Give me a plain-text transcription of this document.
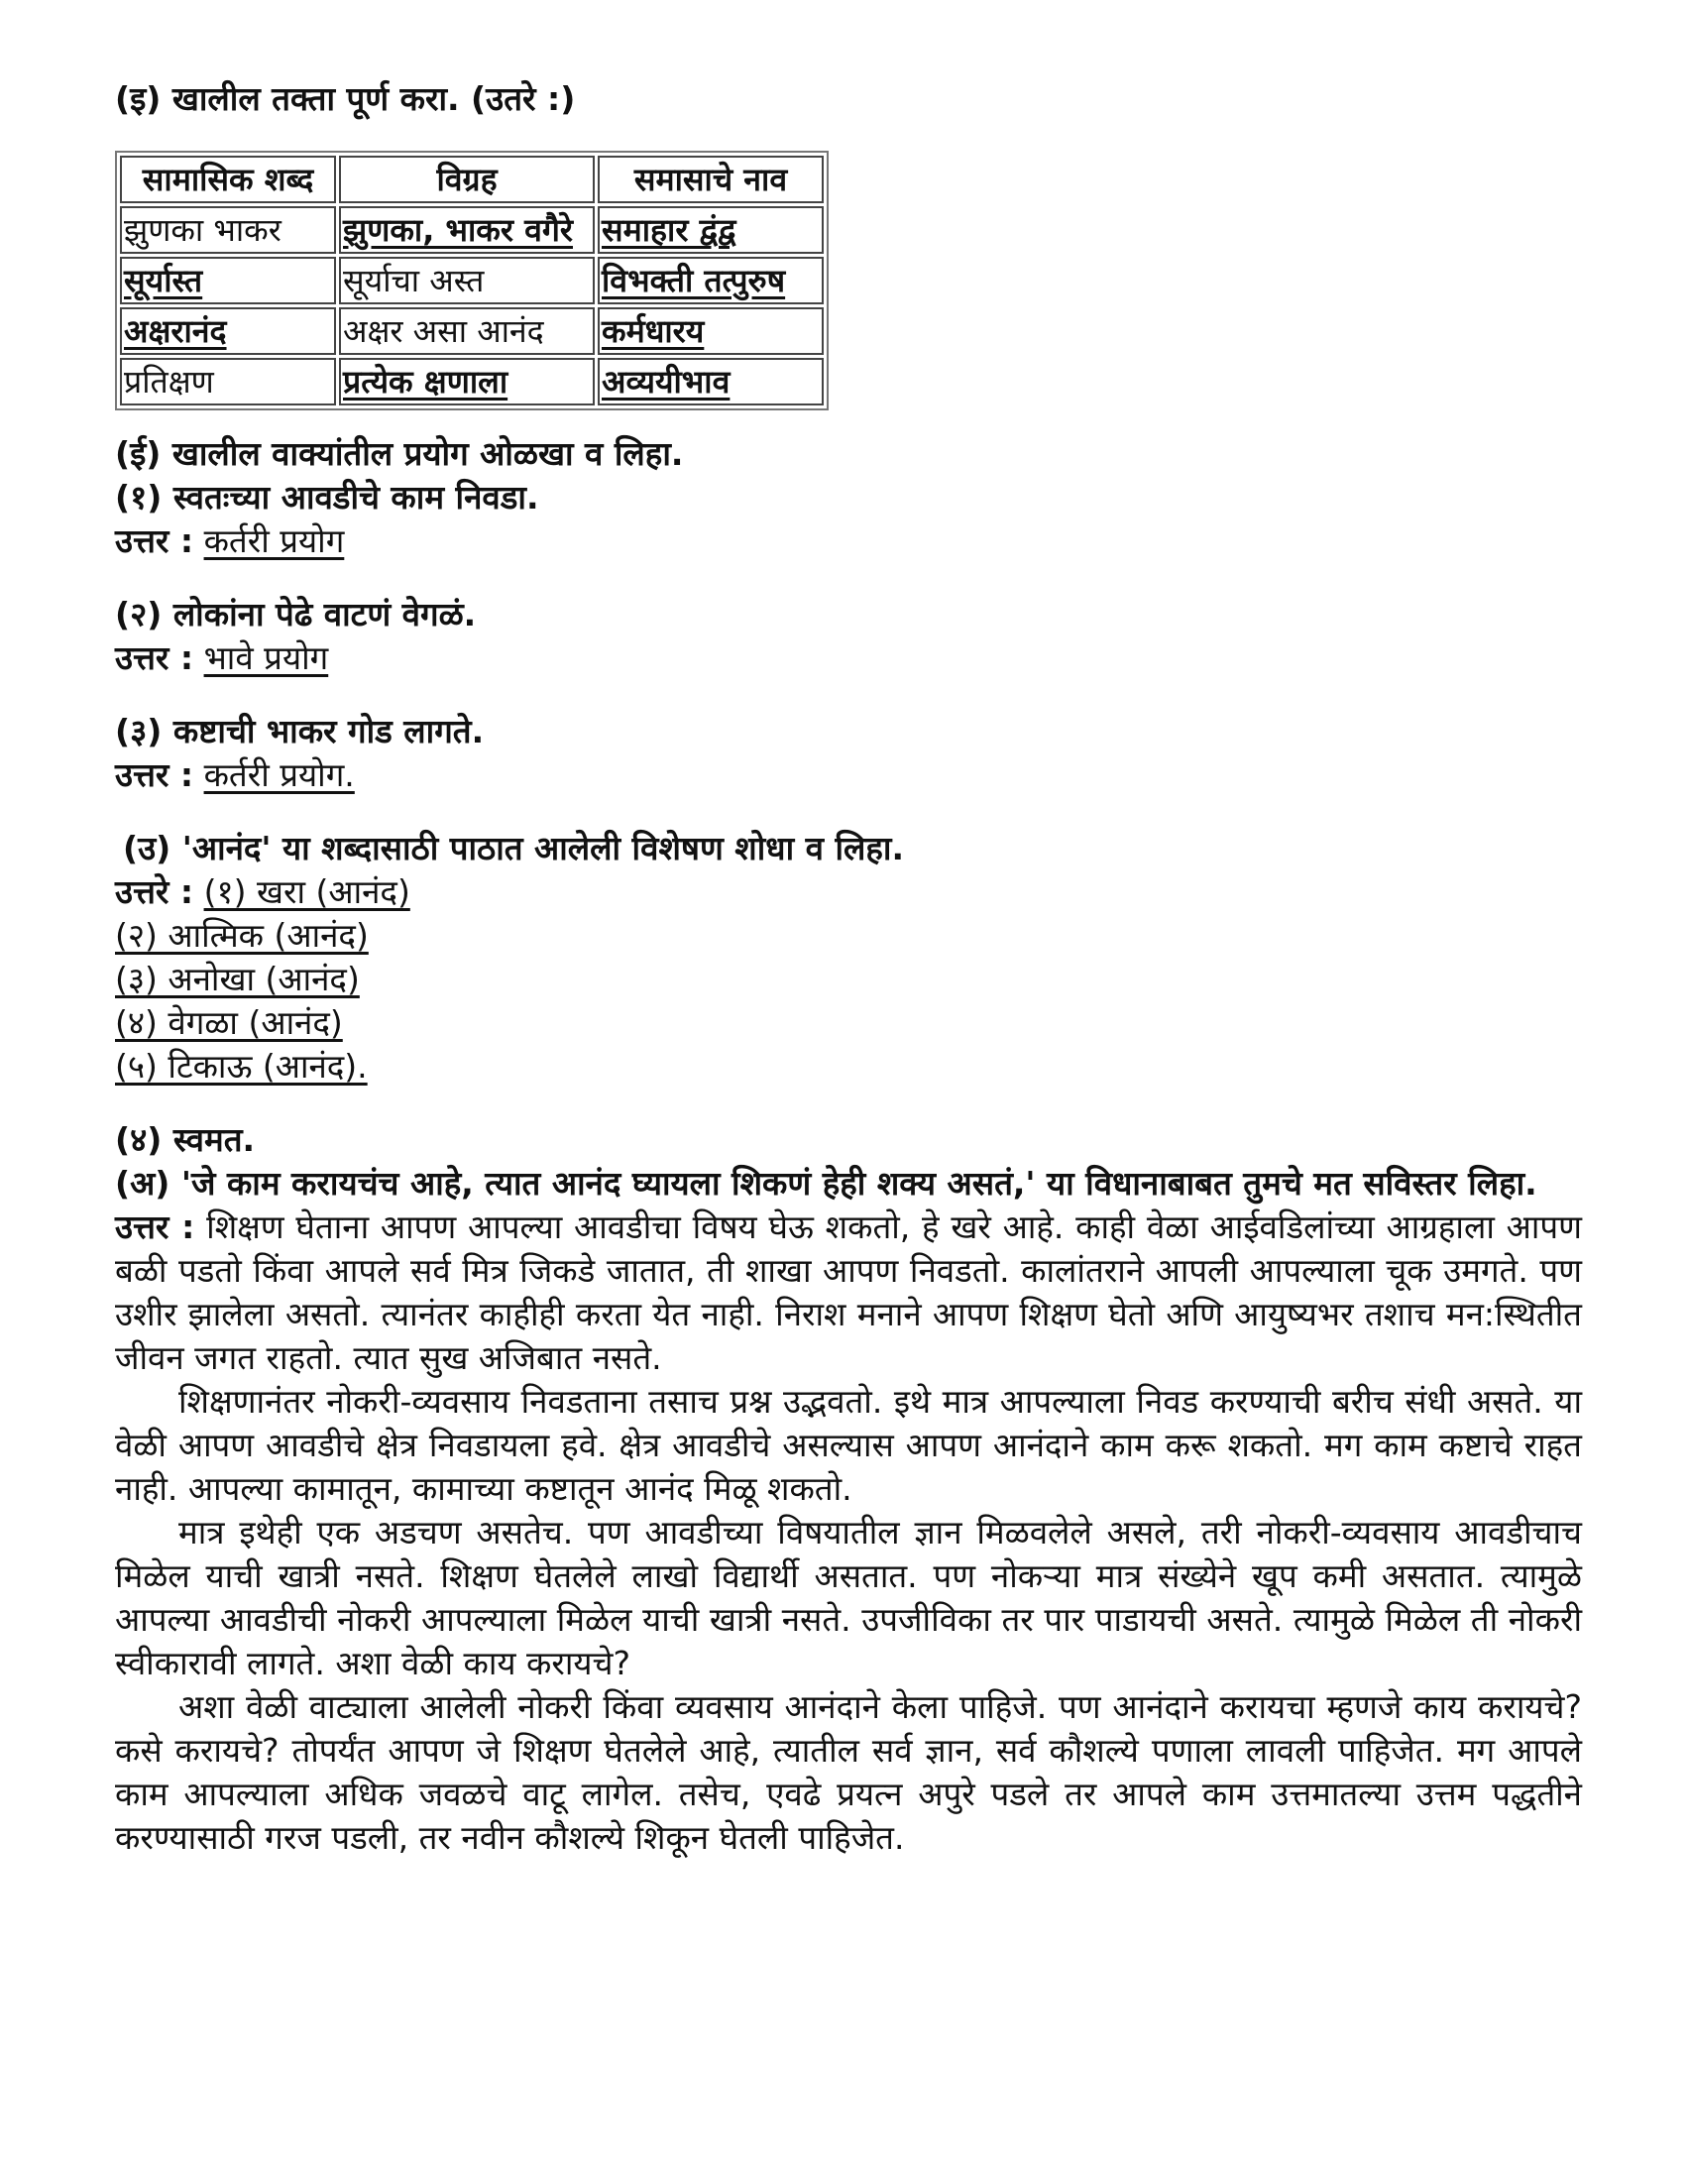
(इ) खालील तक्ता पूर्ण करा. (उतरे :)
सामासिक शब्द	विग्रह	समासाचे नाव
झुणका भाकर	झुणका, भाकर वगैरे	समाहार द्वंद्व
सूर्यास्त	सूर्याचा अस्त	विभक्ती तत्पुरुष
अक्षरानंद	अक्षर असा आनंद	कर्मधारय
प्रतिक्षण	प्रत्येक क्षणाला	अव्ययीभाव
(ई) खालील वाक्यांतील प्रयोग ओळखा व लिहा.
(१) स्वतःच्या आवडीचे काम निवडा.
उत्तर : कर्तरी प्रयोग
(२) लोकांना पेढे वाटणं वेगळं.
उत्तर : भावे प्रयोग
(३) कष्टाची भाकर गोड लागते.
उत्तर : कर्तरी प्रयोग.
(उ) 'आनंद' या शब्दासाठी पाठात आलेली विशेषण शोधा व लिहा.
उत्तरे : (१) खरा (आनंद)
(२) आत्मिक (आनंद)
(३) अनोखा (आनंद)
(४) वेगळा (आनंद)
(५) टिकाऊ (आनंद).
(४) स्वमत.
(अ) 'जे काम करायचंच आहे, त्यात आनंद घ्यायला शिकणं हेही शक्य असतं,' या विधानाबाबत तुमचे मत सविस्तर लिहा.
उत्तर : शिक्षण घेताना आपण आपल्या आवडीचा विषय घेऊ शकतो, हे खरे आहे. काही वेळा आईवडिलांच्या आग्रहाला आपण बळी पडतो किंवा आपले सर्व मित्र जिकडे जातात, ती शाखा आपण निवडतो. कालांतराने आपली आपल्याला चूक उमगते. पण उशीर झालेला असतो. त्यानंतर काहीही करता येत नाही. निराश मनाने आपण शिक्षण घेतो अणि आयुष्यभर तशाच मन:स्थितीत जीवन जगत राहतो. त्यात सुख अजिबात नसते.
शिक्षणानंतर नोकरी-व्यवसाय निवडताना तसाच प्रश्न उद्भवतो. इथे मात्र आपल्याला निवड करण्याची बरीच संधी असते. या वेळी आपण आवडीचे क्षेत्र निवडायला हवे. क्षेत्र आवडीचे असल्यास आपण आनंदाने काम करू शकतो. मग काम कष्टाचे राहत नाही. आपल्या कामातून, कामाच्या कष्टातून आनंद मिळू शकतो.
मात्र इथेही एक अडचण असतेच. पण आवडीच्या विषयातील ज्ञान मिळवलेले असले, तरी नोकरी-व्यवसाय आवडीचाच मिळेल याची खात्री नसते. शिक्षण घेतलेले लाखो विद्यार्थी असतात. पण नोकऱ्या मात्र संख्येने खूप कमी असतात. त्यामुळे आपल्या आवडीची नोकरी आपल्याला मिळेल याची खात्री नसते. उपजीविका तर पार पाडायची असते. त्यामुळे मिळेल ती नोकरी स्वीकारावी लागते. अशा वेळी काय करायचे?
अशा वेळी वाट्याला आलेली नोकरी किंवा व्यवसाय आनंदाने केला पाहिजे. पण आनंदाने करायचा म्हणजे काय करायचे? कसे करायचे? तोपर्यंत आपण जे शिक्षण घेतलेले आहे, त्यातील सर्व ज्ञान, सर्व कौशल्ये पणाला लावली पाहिजेत. मग आपले काम आपल्याला अधिक जवळचे वाटू लागेल. तसेच, एवढे प्रयत्न अपुरे पडले तर आपले काम उत्तमातल्या उत्तम पद्धतीने करण्यासाठी गरज पडली, तर नवीन कौशल्ये शिकून घेतली पाहिजेत.
